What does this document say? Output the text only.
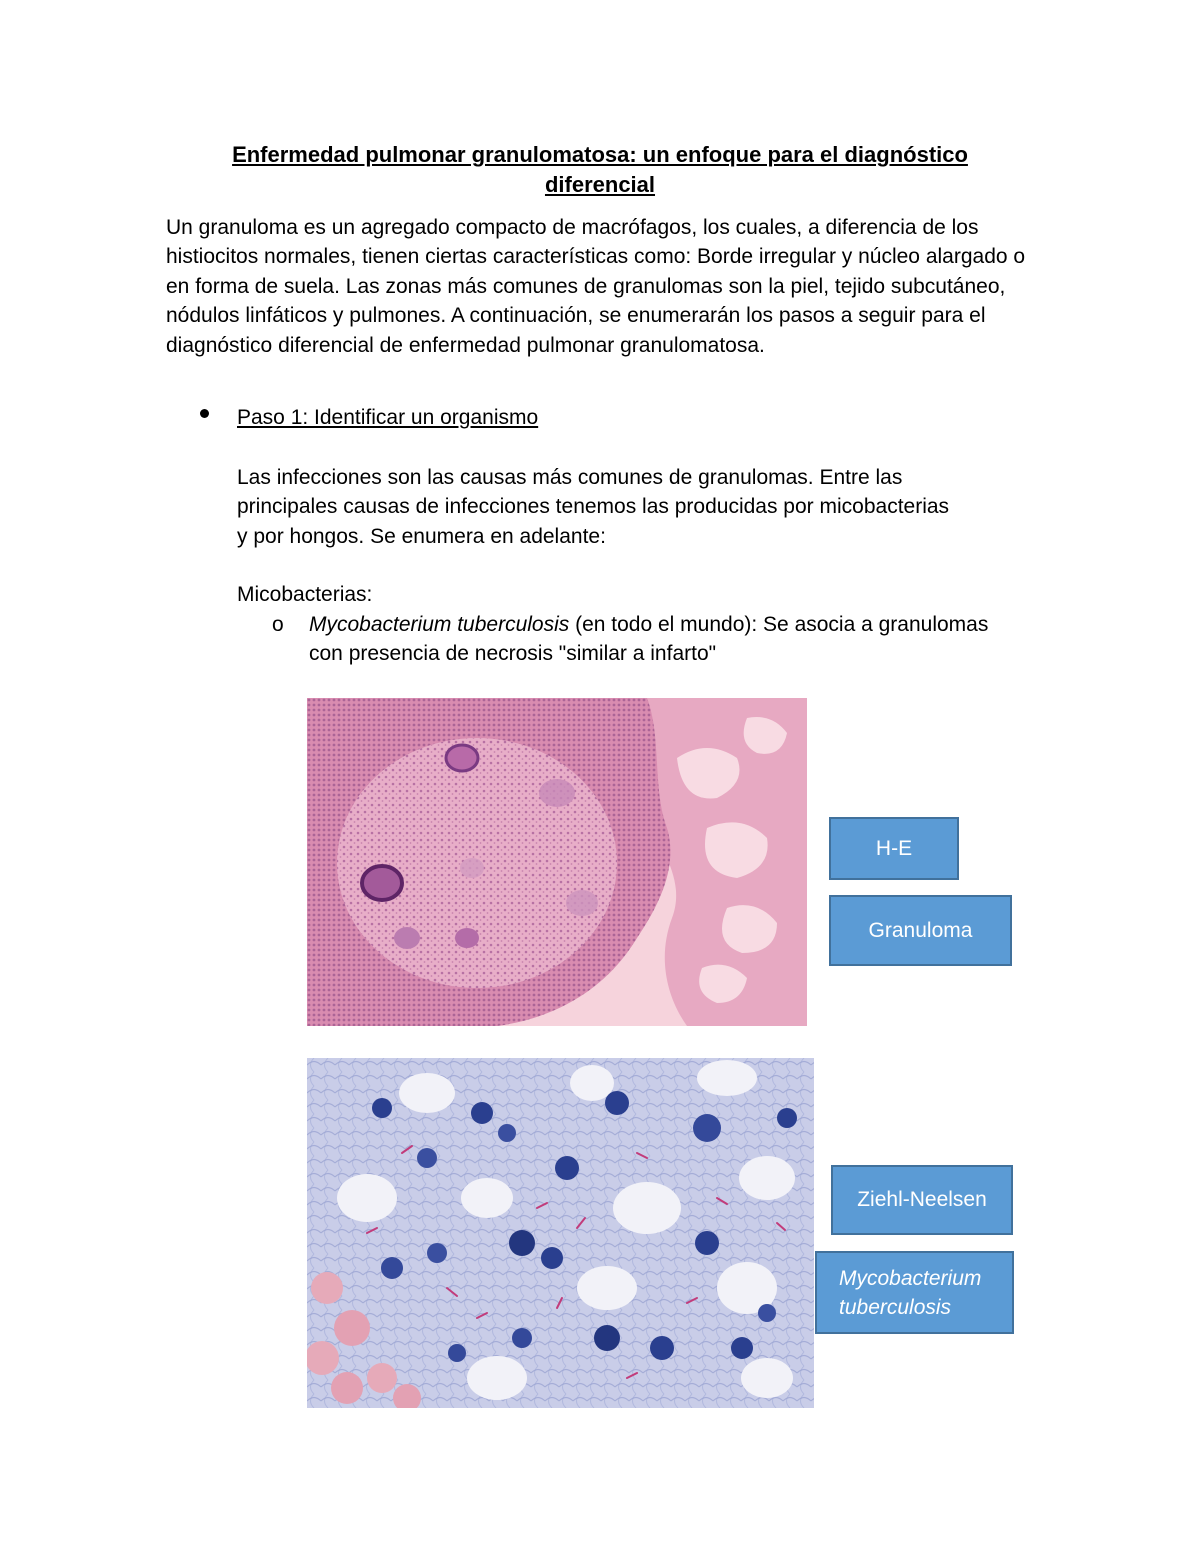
Enfermedad pulmonar granulomatosa: un enfoque para el diagnóstico
diferencial
Un granuloma es un agregado compacto de macrófagos, los cuales, a diferencia de los histiocitos normales, tienen ciertas características como: Borde irregular y núcleo alargado o en forma de suela. Las zonas más comunes de granulomas son la piel, tejido subcutáneo, nódulos linfáticos y pulmones. A continuación, se enumerarán los pasos a seguir para el diagnóstico diferencial de enfermedad pulmonar granulomatosa.
Paso 1: Identificar un organismo
Las infecciones son las causas más comunes de granulomas. Entre las principales causas de infecciones tenemos las producidas por micobacterias y por hongos. Se enumera en adelante:
Micobacterias:
o Mycobacterium tuberculosis (en todo el mundo): Se asocia a granulomas con presencia de necrosis "similar a infarto"
H-E
Granuloma
Ziehl-Neelsen
Mycobacterium
tuberculosis
